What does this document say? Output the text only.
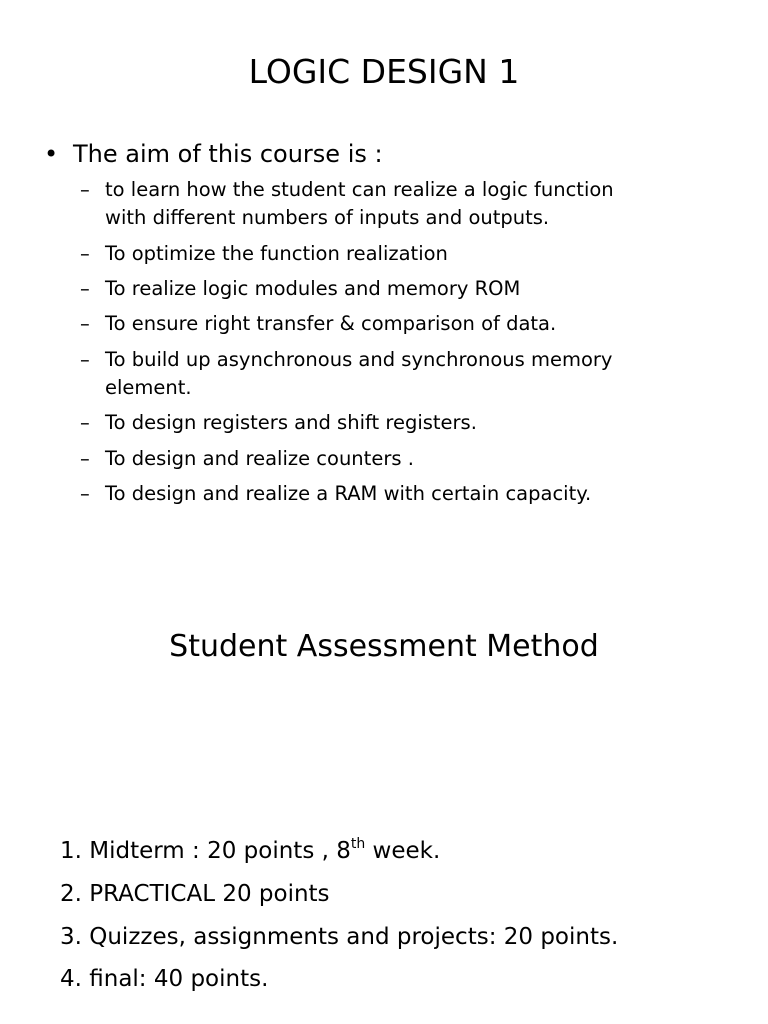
LOGIC DESIGN 1
• The aim of this course is :
– to learn how the student can realize a logic function
with different numbers of inputs and outputs.
– To optimize the function realization
– To realize logic modules and memory ROM
– To ensure right transfer & comparison of data.
– To build up asynchronous and synchronous memory
element.
– To design registers and shift registers.
– To design and realize counters .
– To design and realize a RAM with certain capacity.
Student Assessment Method
1. Midterm : 20 points , 8th week.
2. PRACTICAL 20 points
3. Quizzes, assignments and projects: 20 points.
4. final: 40 points.
